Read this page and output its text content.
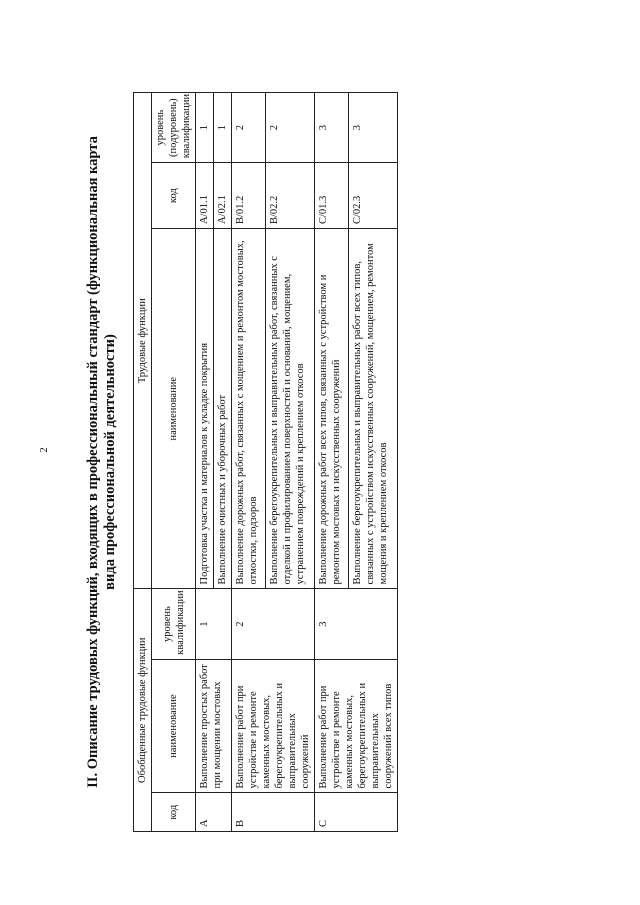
2 II. Описание трудовых функций, входящих в профессиональный стандарт (функциональная карта вида профессиональной деятельности)
Обобщенные трудовые функции			Трудовые функции		
код	наименование	уровень квалификации	наименование	код	уровень (подуровень) квалификации
A	Выполнение простых работ при мощении мостовых	1	Подготовка участка и материалов к укладке покрытия	A/01.1	1
			Выполнение очистных и уборочных работ	A/02.1	1
B	Выполнение работ при устройстве и ремонте каменных мостовых, берегоукрепительных и выправительных сооружений	2	Выполнение дорожных работ, связанных с мощением и ремонтом мостовых, отмостки, подзоров	B/01.2	2
			Выполнение берегоукрепительных и выправительных работ, связанных с отделкой и профилированием поверхностей и оснований, мощением, устранением повреждений и креплением откосов	B/02.2	2
C	Выполнение работ при устройстве и ремонте каменных мостовых, берегоукрепительных и выправительных сооружений всех типов	3	Выполнение дорожных работ всех типов, связанных с устройством и ремонтом мостовых и искусственных сооружений	C/01.3	3
			Выполнение берегоукрепительных и выправительных работ всех типов, связанных с устройством искусственных сооружений, мощением, ремонтом мощения и креплением откосов	C/02.3	3
